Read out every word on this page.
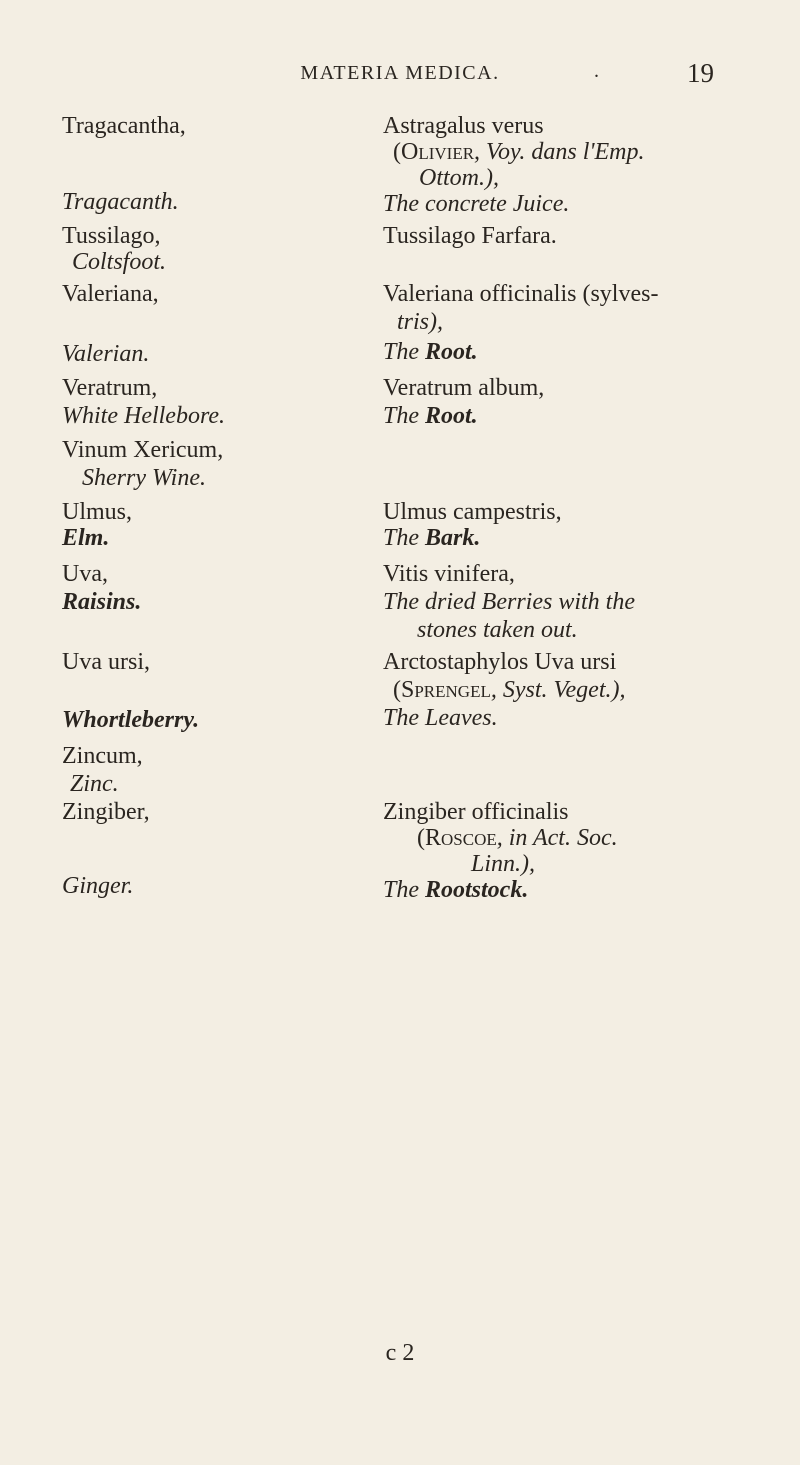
MATERIA MEDICA.	.	19
Tragacantha,
Tragacanth.
Tussilago,
Coltsfoot.
Valeriana,
Valerian.
Veratrum,
White Hellebore.
Vinum Xericum,
Sherry Wine.
Ulmus,
Elm.
Uva,
Raisins.
Uva ursi,
Whortleberry.
Zincum,
Zinc.
Zingiber,
Ginger.
Astragalus verus
(Olivier, Voy. dans l'Emp.
Ottom.),
The concrete Juice.
Tussilago Farfara.
Valeriana officinalis (sylves-
tris),
The Root.
Veratrum album,
The Root.
Ulmus campestris,
The Bark.
Vitis vinifera,
The dried Berries with the
stones taken out.
Arctostaphylos Uva ursi
(Sprengel, Syst. Veget.),
The Leaves.
Zingiber officinalis
(Roscoe, in Act. Soc.
Linn.),
The Rootstock.
c 2
